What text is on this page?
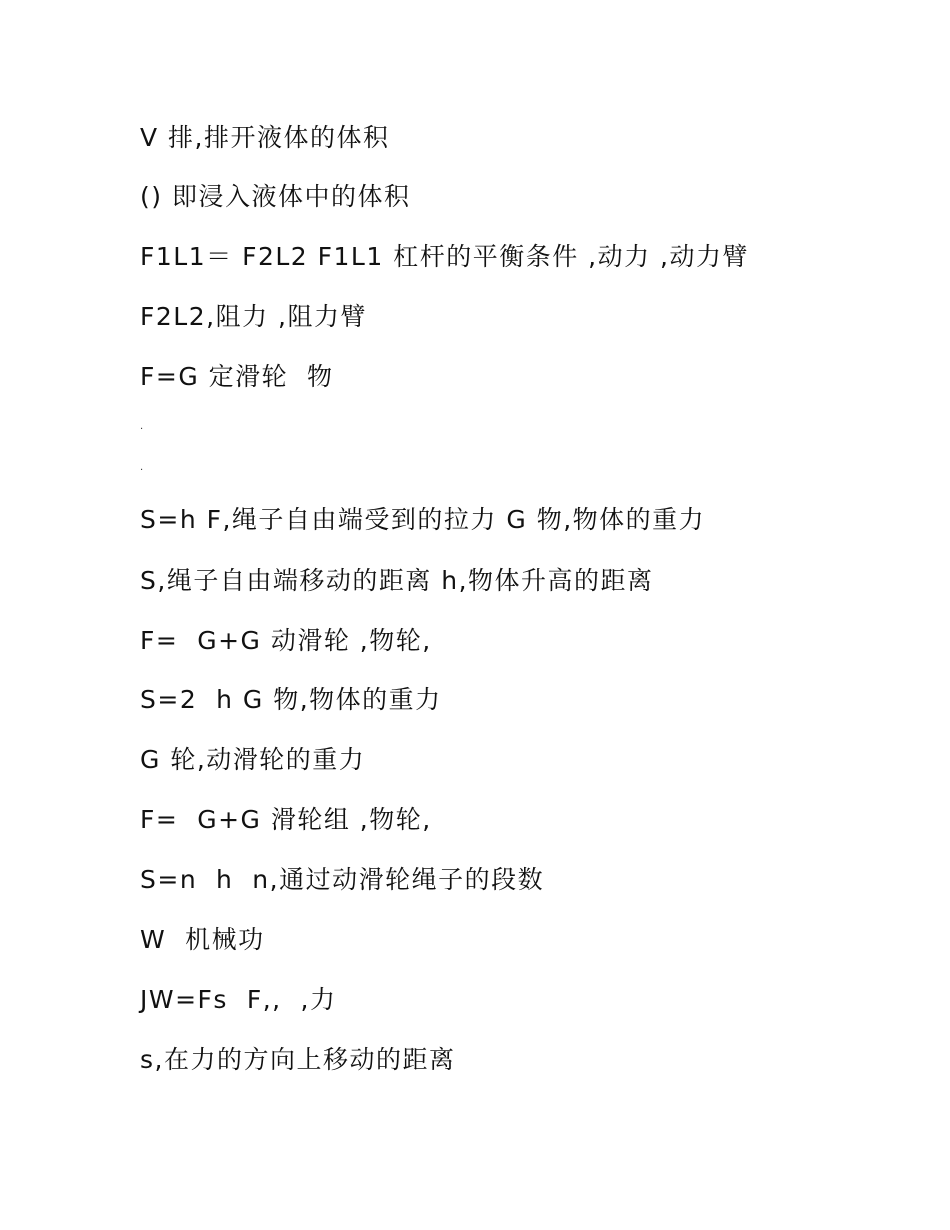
V 排,排开液体的体积
() 即浸入液体中的体积
F1L1＝ F2L2 F1L1 杠杆的平衡条件 ,动力 ,动力臂
F2L2,阻力 ,阻力臂
F=G 定滑轮  物
.
.
S=h F,绳子自由端受到的拉力 G 物,物体的重力
S,绳子自由端移动的距离 h,物体升高的距离
F=  G+G 动滑轮 ,物轮,
S=2  h G 物,物体的重力
G 轮,动滑轮的重力
F=  G+G 滑轮组 ,物轮,
S=n  h  n,通过动滑轮绳子的段数
W  机械功
JW=Fs  F,,  ,力
s,在力的方向上移动的距离
